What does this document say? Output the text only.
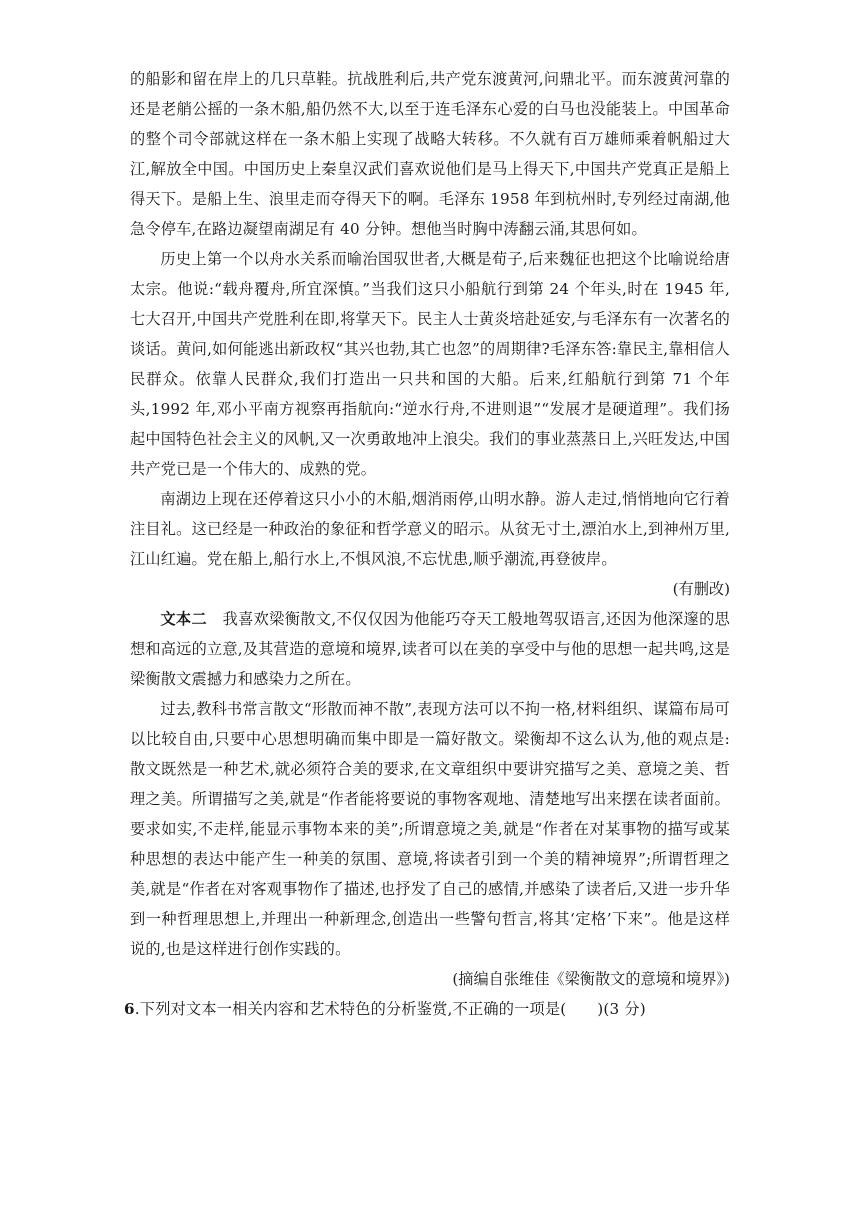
的船影和留在岸上的几只草鞋。抗战胜利后,共产党东渡黄河,问鼎北平。而东渡黄河靠的还是老艄公摇的一条木船,船仍然不大,以至于连毛泽东心爱的白马也没能装上。中国革命的整个司令部就这样在一条木船上实现了战略大转移。不久就有百万雄师乘着帆船过大江,解放全中国。中国历史上秦皇汉武们喜欢说他们是马上得天下,中国共产党真正是船上得天下。是船上生、浪里走而夺得天下的啊。毛泽东 1958 年到杭州时,专列经过南湖,他急令停车,在路边凝望南湖足有 40 分钟。想他当时胸中涛翻云涌,其思何如。

历史上第一个以舟水关系而喻治国驭世者,大概是荀子,后来魏征也把这个比喻说给唐太宗。他说:“载舟覆舟,所宜深慎。”当我们这只小船航行到第 24 个年头,时在 1945 年,七大召开,中国共产党胜利在即,将掌天下。民主人士黄炎培赴延安,与毛泽东有一次著名的谈话。黄问,如何能逃出新政权“其兴也勃,其亡也忽”的周期律?毛泽东答:靠民主,靠相信人民群众。依靠人民群众,我们打造出一只共和国的大船。后来,红船航行到第 71 个年头,1992 年,邓小平南方视察再指航向:“逆水行舟,不进则退”“发展才是硬道理”。我们扬起中国特色社会主义的风帆,又一次勇敢地冲上浪尖。我们的事业蒸蒸日上,兴旺发达,中国共产党已是一个伟大的、成熟的党。

南湖边上现在还停着这只小小的木船,烟消雨停,山明水静。游人走过,悄悄地向它行着注目礼。这已经是一种政治的象征和哲学意义的昭示。从贫无寸土,漂泊水上,到神州万里,江山红遍。党在船上,船行水上,不惧风浪,不忘忧患,顺乎潮流,再登彼岸。

(有删改)

文本二　 我喜欢梁衡散文,不仅仅因为他能巧夺天工般地驾驭语言,还因为他深邃的思想和高远的立意,及其营造的意境和境界,读者可以在美的享受中与他的思想一起共鸣,这是梁衡散文震撼力和感染力之所在。

过去,教科书常言散文“形散而神不散”,表现方法可以不拘一格,材料组织、谋篇布局可以比较自由,只要中心思想明确而集中即是一篇好散文。梁衡却不这么认为,他的观点是:散文既然是一种艺术,就必须符合美的要求,在文章组织中要讲究描写之美、意境之美、哲理之美。所谓描写之美,就是“作者能将要说的事物客观地、清楚地写出来摆在读者面前。要求如实,不走样,能显示事物本来的美”;所谓意境之美,就是“作者在对某事物的描写或某种思想的表达中能产生一种美的氛围、意境,将读者引到一个美的精神境界”;所谓哲理之美,就是“作者在对客观事物作了描述,也抒发了自己的感情,并感染了读者后,又进一步升华到一种哲理思想上,并理出一种新理念,创造出一些警句哲言,将其‘定格’下来”。他是这样说的,也是这样进行创作实践的。

(摘编自张维佳《梁衡散文的意境和境界》)

6.下列对文本一相关内容和艺术特色的分析鉴赏,不正确的一项是(　　)(3 分)
